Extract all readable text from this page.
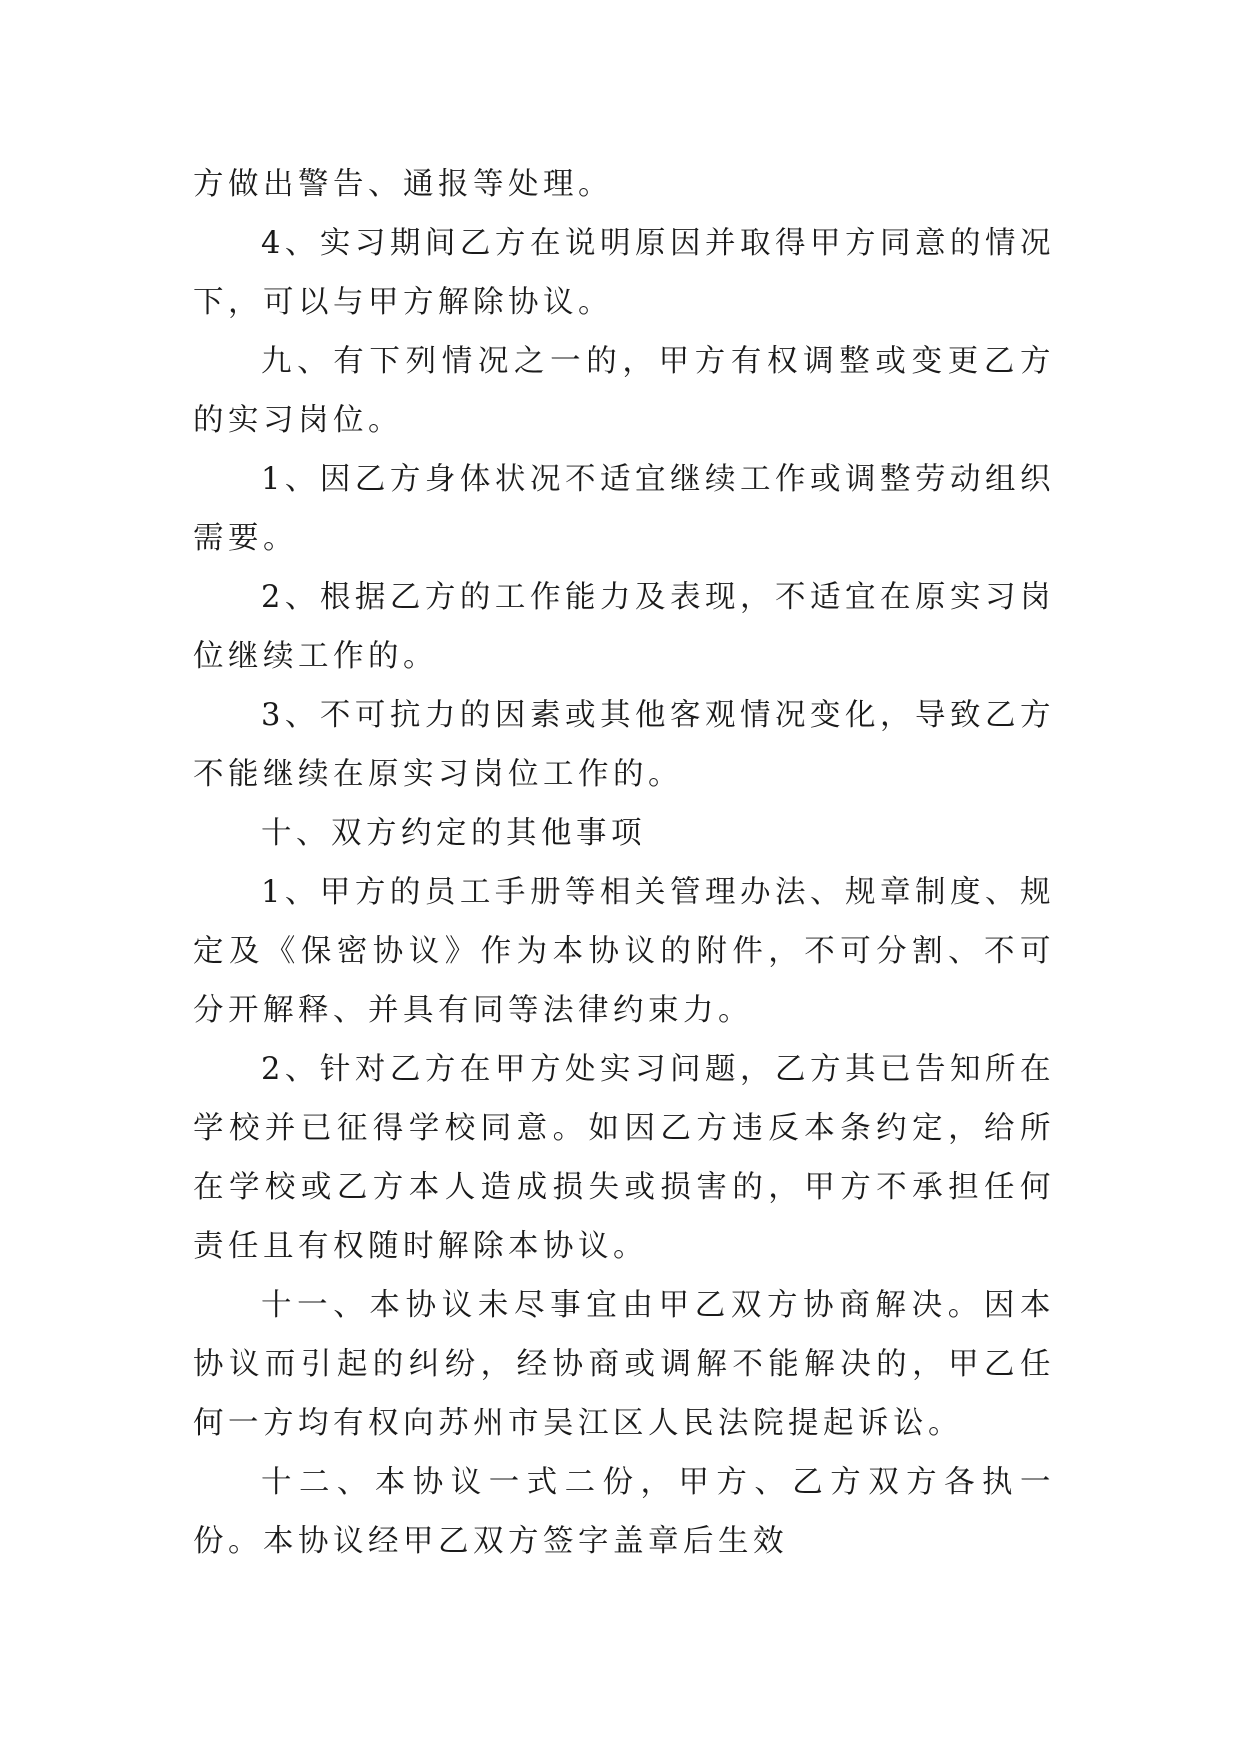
方做出警告、通报等处理。

4、实习期间乙方在说明原因并取得甲方同意的情况下，可以与甲方解除协议。

九、有下列情况之一的，甲方有权调整或变更乙方的实习岗位。

1、因乙方身体状况不适宜继续工作或调整劳动组织需要。

2、根据乙方的工作能力及表现，不适宜在原实习岗位继续工作的。

3、不可抗力的因素或其他客观情况变化，导致乙方不能继续在原实习岗位工作的。

十、双方约定的其他事项

1、甲方的员工手册等相关管理办法、规章制度、规定及《保密协议》作为本协议的附件，不可分割、不可分开解释、并具有同等法律约束力。

2、针对乙方在甲方处实习问题，乙方其已告知所在学校并已征得学校同意。如因乙方违反本条约定，给所在学校或乙方本人造成损失或损害的，甲方不承担任何责任且有权随时解除本协议。

十一、本协议未尽事宜由甲乙双方协商解决。因本协议而引起的纠纷，经协商或调解不能解决的，甲乙任何一方均有权向苏州市吴江区人民法院提起诉讼。

十二、本协议一式二份，甲方、乙方双方各执一份。本协议经甲乙双方签字盖章后生效
